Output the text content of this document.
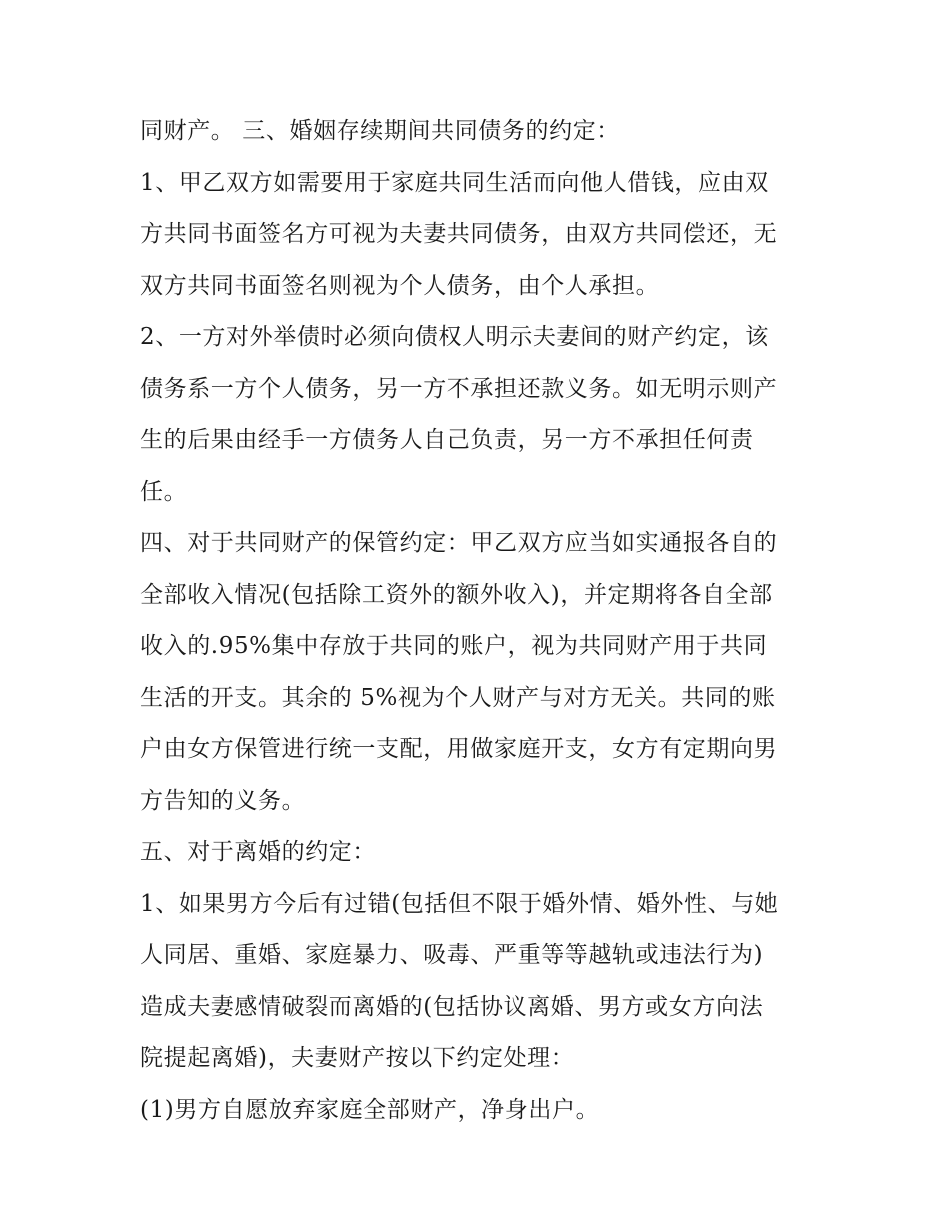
同财产。 三、婚姻存续期间共同债务的约定：
1、甲乙双方如需要用于家庭共同生活而向他人借钱，应由双
方共同书面签名方可视为夫妻共同债务，由双方共同偿还，无
双方共同书面签名则视为个人债务，由个人承担。
2、一方对外举债时必须向债权人明示夫妻间的财产约定，该
债务系一方个人债务，另一方不承担还款义务。如无明示则产
生的后果由经手一方债务人自己负责，另一方不承担任何责
任。
四、对于共同财产的保管约定：甲乙双方应当如实通报各自的
全部收入情况(包括除工资外的额外收入)，并定期将各自全部
收入的.95%集中存放于共同的账户，视为共同财产用于共同
生活的开支。其余的 5%视为个人财产与对方无关。共同的账
户由女方保管进行统一支配，用做家庭开支，女方有定期向男
方告知的义务。
五、对于离婚的约定：
1、如果男方今后有过错(包括但不限于婚外情、婚外性、与她
人同居、重婚、家庭暴力、吸毒、严重等等越轨或违法行为)
造成夫妻感情破裂而离婚的(包括协议离婚、男方或女方向法
院提起离婚)，夫妻财产按以下约定处理：
(1)男方自愿放弃家庭全部财产，净身出户。
